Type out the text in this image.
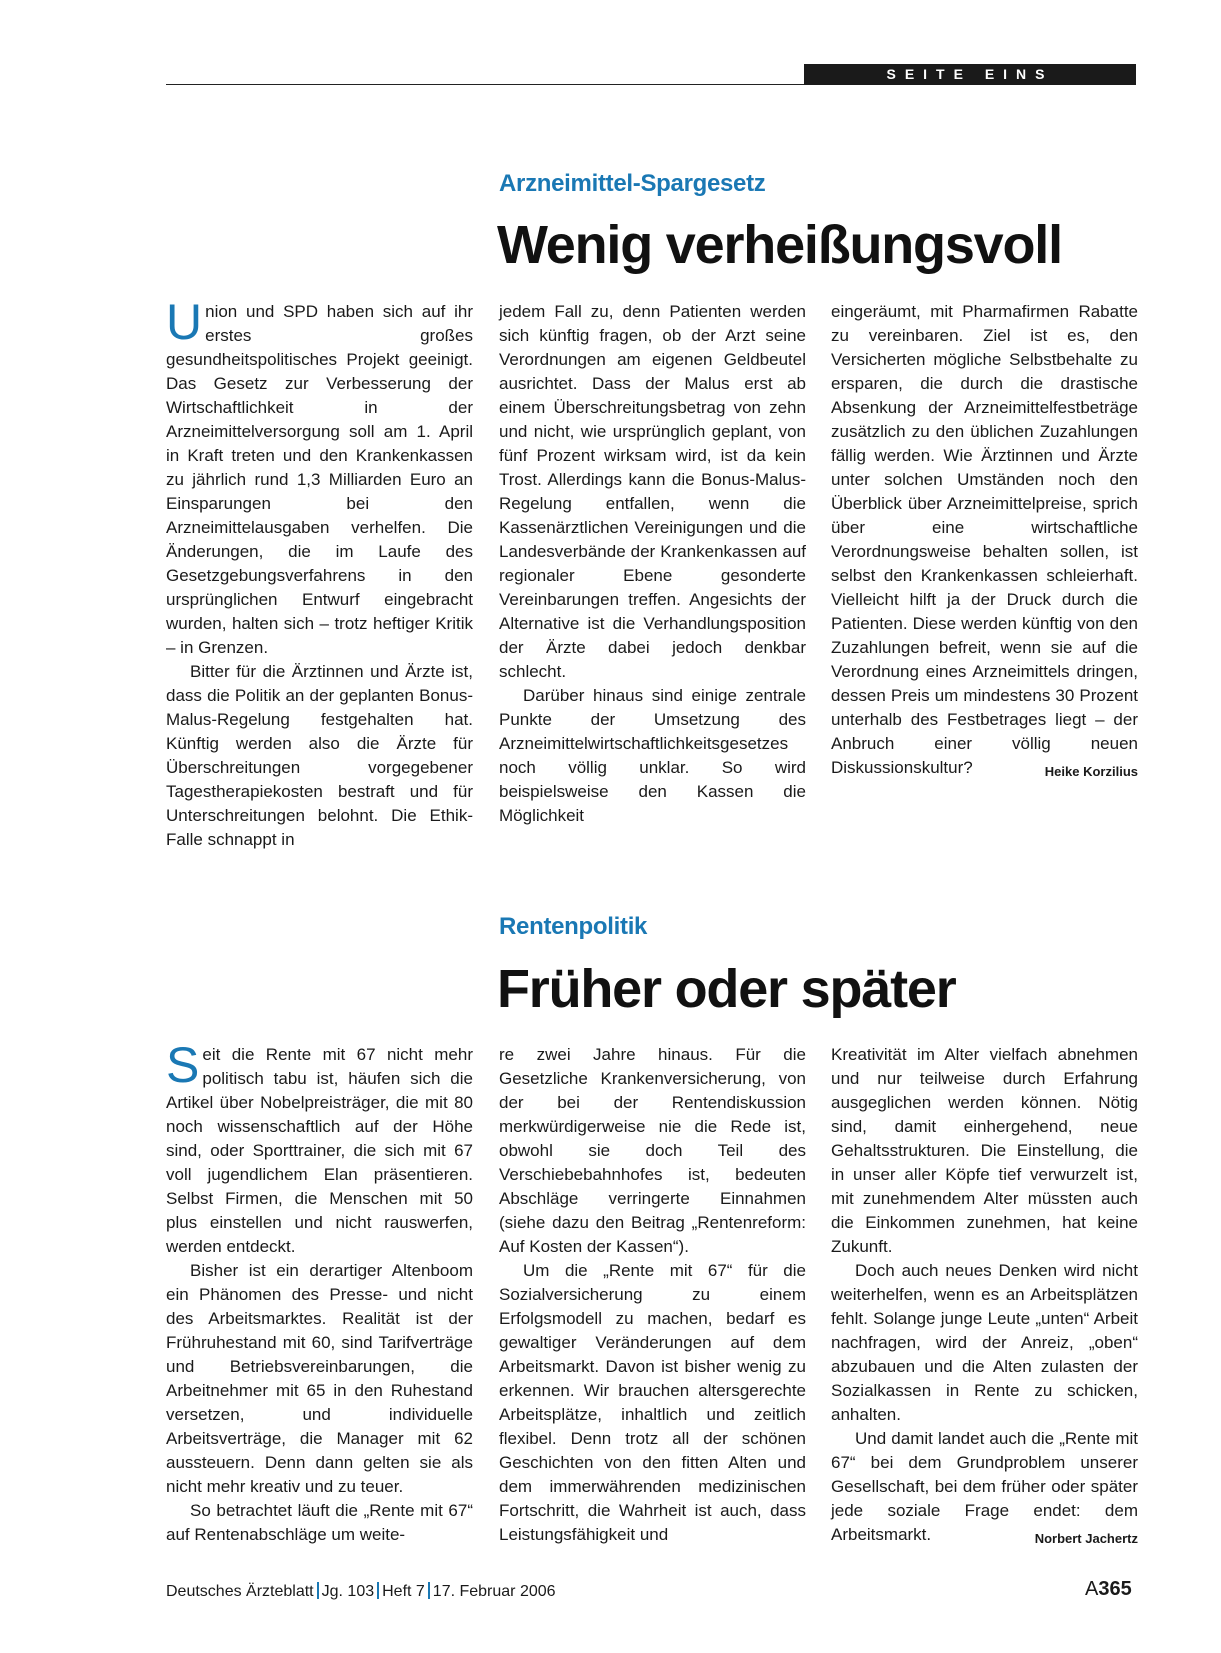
SEITE EINS
Arzneimittel-Spargesetz
Wenig verheißungsvoll

Union und SPD haben sich auf ihr erstes großes gesundheitspolitisches Projekt geeinigt. Das Gesetz zur Verbesserung der Wirtschaftlichkeit in der Arzneimittelversorgung soll am 1. April in Kraft treten und den Krankenkassen zu jährlich rund 1,3 Milliarden Euro an Einsparungen bei den Arzneimittelausgaben verhelfen. Die Änderungen, die im Laufe des Gesetzgebungsverfahrens in den ursprünglichen Entwurf eingebracht wurden, halten sich – trotz heftiger Kritik – in Grenzen.

Bitter für die Ärztinnen und Ärzte ist, dass die Politik an der geplanten Bonus-Malus-Regelung festgehalten hat. Künftig werden also die Ärzte für Überschreitungen vorgegebener Tagestherapiekosten bestraft und für Unterschreitungen belohnt. Die Ethik-Falle schnappt in

jedem Fall zu, denn Patienten werden sich künftig fragen, ob der Arzt seine Verordnungen am eigenen Geldbeutel ausrichtet. Dass der Malus erst ab einem Überschreitungsbetrag von zehn und nicht, wie ursprünglich geplant, von fünf Prozent wirksam wird, ist da kein Trost. Allerdings kann die Bonus-Malus-Regelung entfallen, wenn die Kassenärztlichen Vereinigungen und die Landesverbände der Krankenkassen auf regionaler Ebene gesonderte Vereinbarungen treffen. Angesichts der Alternative ist die Verhandlungsposition der Ärzte dabei jedoch denkbar schlecht.

Darüber hinaus sind einige zentrale Punkte der Umsetzung des Arzneimittelwirtschaftlichkeitsgesetzes noch völlig unklar. So wird beispielsweise den Kassen die Möglichkeit

eingeräumt, mit Pharmafirmen Rabatte zu vereinbaren. Ziel ist es, den Versicherten mögliche Selbstbehalte zu ersparen, die durch die drastische Absenkung der Arzneimittelfestbeträge zusätzlich zu den üblichen Zuzahlungen fällig werden. Wie Ärztinnen und Ärzte unter solchen Umständen noch den Überblick über Arzneimittelpreise, sprich über eine wirtschaftliche Verordnungsweise behalten sollen, ist selbst den Krankenkassen schleierhaft. Vielleicht hilft ja der Druck durch die Patienten. Diese werden künftig von den Zuzahlungen befreit, wenn sie auf die Verordnung eines Arzneimittels dringen, dessen Preis um mindestens 30 Prozent unterhalb des Festbetrages liegt – der Anbruch einer völlig neuen Diskussionskultur?	Heike Korzilius

Rentenpolitik
Früher oder später

Seit die Rente mit 67 nicht mehr politisch tabu ist, häufen sich die Artikel über Nobelpreisträger, die mit 80 noch wissenschaftlich auf der Höhe sind, oder Sporttrainer, die sich mit 67 voll jugendlichem Elan präsentieren. Selbst Firmen, die Menschen mit 50 plus einstellen und nicht rauswerfen, werden entdeckt.

Bisher ist ein derartiger Altenboom ein Phänomen des Presse- und nicht des Arbeitsmarktes. Realität ist der Frühruhestand mit 60, sind Tarifverträge und Betriebsvereinbarungen, die Arbeitnehmer mit 65 in den Ruhestand versetzen, und individuelle Arbeitsverträge, die Manager mit 62 aussteuern. Denn dann gelten sie als nicht mehr kreativ und zu teuer.

So betrachtet läuft die „Rente mit 67“ auf Rentenabschläge um weite-

re zwei Jahre hinaus. Für die Gesetzliche Krankenversicherung, von der bei der Rentendiskussion merkwürdigerweise nie die Rede ist, obwohl sie doch Teil des Verschiebebahnhofes ist, bedeuten Abschläge verringerte Einnahmen (siehe dazu den Beitrag „Rentenreform: Auf Kosten der Kassen“).

Um die „Rente mit 67“ für die Sozialversicherung zu einem Erfolgsmodell zu machen, bedarf es gewaltiger Veränderungen auf dem Arbeitsmarkt. Davon ist bisher wenig zu erkennen. Wir brauchen altersgerechte Arbeitsplätze, inhaltlich und zeitlich flexibel. Denn trotz all der schönen Geschichten von den fitten Alten und dem immerwährenden medizinischen Fortschritt, die Wahrheit ist auch, dass Leistungsfähigkeit und

Kreativität im Alter vielfach abnehmen und nur teilweise durch Erfahrung ausgeglichen werden können. Nötig sind, damit einhergehend, neue Gehaltsstrukturen. Die Einstellung, die in unser aller Köpfe tief verwurzelt ist, mit zunehmendem Alter müssten auch die Einkommen zunehmen, hat keine Zukunft.

Doch auch neues Denken wird nicht weiterhelfen, wenn es an Arbeitsplätzen fehlt. Solange junge Leute „unten“ Arbeit nachfragen, wird der Anreiz, „oben“ abzubauen und die Alten zulasten der Sozialkassen in Rente zu schicken, anhalten.

Und damit landet auch die „Rente mit 67“ bei dem Grundproblem unserer Gesellschaft, bei dem früher oder später jede soziale Frage endet: dem Arbeitsmarkt.	Norbert Jachertz

Deutsches Ärzteblatt Jg. 103 Heft 7 17. Februar 2006	A365
